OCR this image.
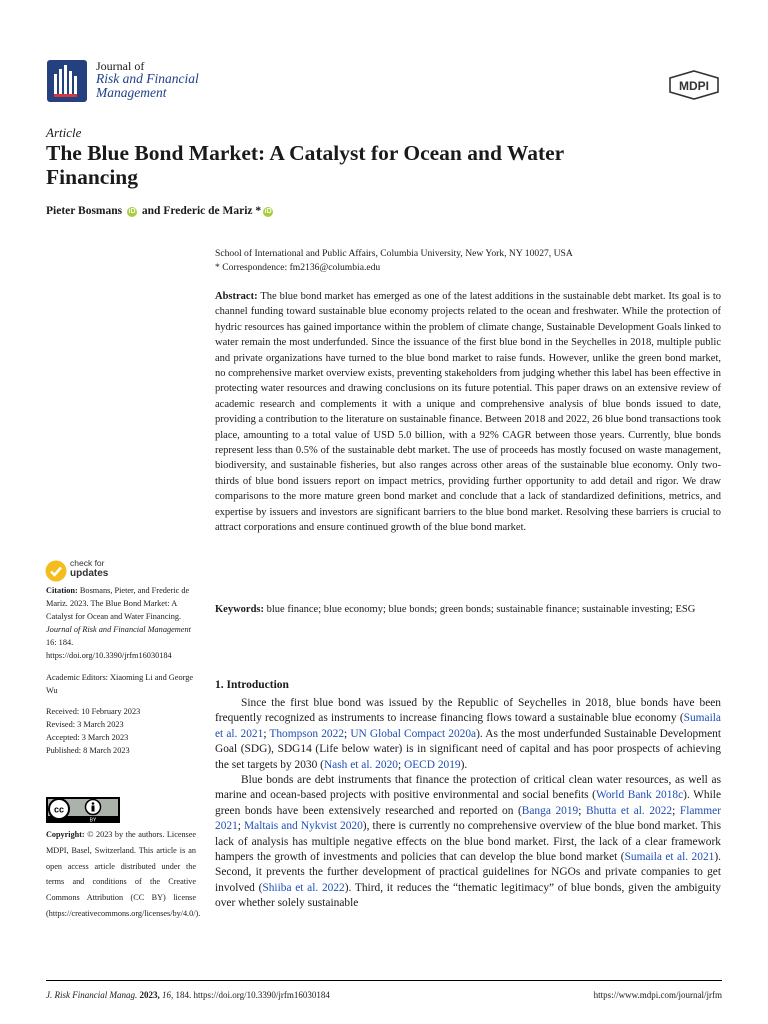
Journal of
Risk and Financial
Management	MDPI
Article
The Blue Bond Market: A Catalyst for Ocean and Water Financing
Pieter Bosmans iD and Frederic de Mariz * iD
School of International and Public Affairs, Columbia University, New York, NY 10027, USA
* Correspondence: fm2136@columbia.edu
Abstract: The blue bond market has emerged as one of the latest additions in the sustainable debt market. Its goal is to channel funding toward sustainable blue economy projects related to the ocean and freshwater. While the protection of hydric resources has gained importance within the problem of climate change, Sustainable Development Goals linked to water remain the most underfunded. Since the issuance of the first blue bond in the Seychelles in 2018, multiple public and private organizations have turned to the blue bond market to raise funds. However, unlike the green bond market, no comprehensive market overview exists, preventing stakeholders from judging whether this label has been effective in protecting water resources and drawing conclusions on its future potential. This paper draws on an extensive review of academic research and complements it with a unique and comprehensive analysis of blue bonds issued to date, providing a contribution to the literature on sustainable finance. Between 2018 and 2022, 26 blue bond transactions took place, amounting to a total value of USD 5.0 billion, with a 92% CAGR between those years. Currently, blue bonds represent less than 0.5% of the sustainable debt market. The use of proceeds has mostly focused on waste management, biodiversity, and sustainable fisheries, but also ranges across other areas of the sustainable blue economy. Only two-thirds of blue bond issuers report on impact metrics, providing further opportunity to add detail and rigor. We draw comparisons to the more mature green bond market and conclude that a lack of standardized definitions, metrics, and expertise by issuers and investors are significant barriers to the blue bond market. Resolving these barriers is crucial to attract corporations and ensure continued growth of the blue bond market.
Keywords: blue finance; blue economy; blue bonds; green bonds; sustainable finance; sustainable investing; ESG
check for
updates

Citation: Bosmans, Pieter, and Frederic de Mariz. 2023. The Blue Bond Market: A Catalyst for Ocean and Water Financing. Journal of Risk and Financial Management 16: 184. https://doi.org/10.3390/jrfm16030184

Academic Editors: Xiaoming Li and George Wu

Received: 10 February 2023

Revised: 3 March 2023

Accepted: 3 March 2023

Published: 8 March 2023

cc
BY
Copyright: © 2023 by the authors. Licensee MDPI, Basel, Switzerland. This article is an open access article distributed under the terms and conditions of the Creative Commons Attribution (CC BY) license (https://creativecommons.org/licenses/by/4.0/).
1. Introduction

Since the first blue bond was issued by the Republic of Seychelles in 2018, blue bonds have been frequently recognized as instruments to increase financing flows toward a sustainable blue economy (Sumaila et al. 2021; Thompson 2022; UN Global Compact 2020a). As the most underfunded Sustainable Development Goal (SDG), SDG14 (Life below water) is in significant need of capital and has poor prospects of achieving the set targets by 2030 (Nash et al. 2020; OECD 2019).

Blue bonds are debt instruments that finance the protection of critical clean water resources, as well as marine and ocean-based projects with positive environmental and social benefits (World Bank 2018c). While green bonds have been extensively researched and reported on (Banga 2019; Bhutta et al. 2022; Flammer 2021; Maltais and Nykvist 2020), there is currently no comprehensive overview of the blue bond market. This lack of analysis has multiple negative effects on the blue bond market. First, the lack of a clear framework hampers the growth of investments and policies that can develop the blue bond market (Sumaila et al. 2021). Second, it prevents the further development of practical guidelines for NGOs and private companies to get involved (Shiiba et al. 2022). Third, it reduces the “thematic legitimacy” of blue bonds, given the ambiguity over whether solely sustainable

J. Risk Financial Manag. 2023, 16, 184. https://doi.org/10.3390/jrfm16030184	https://www.mdpi.com/journal/jrfm
